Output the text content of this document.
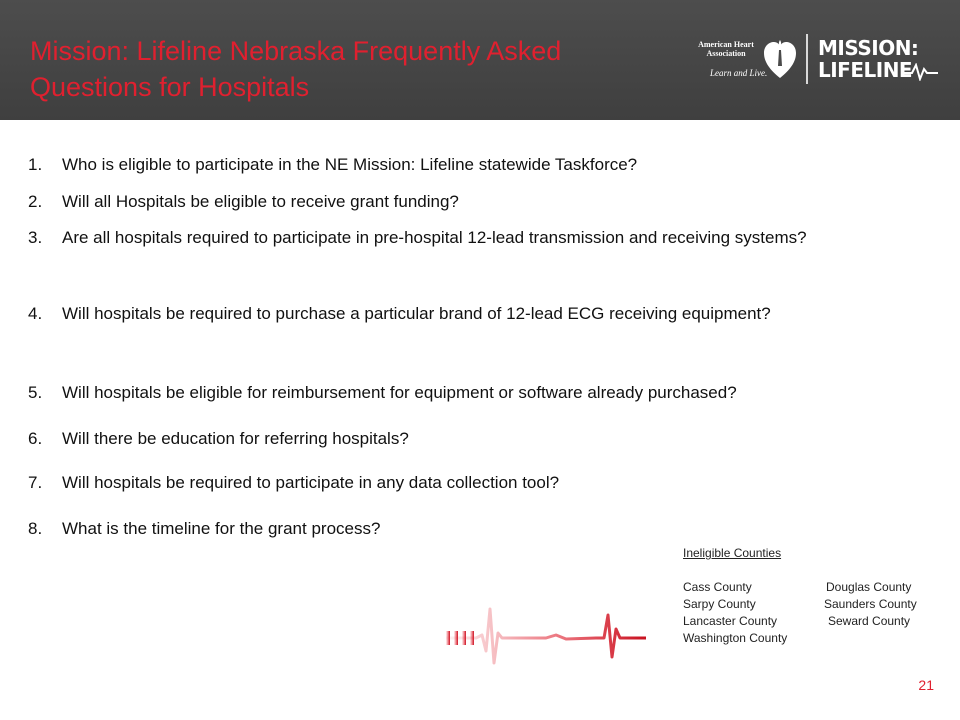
Mission: Lifeline Nebraska Frequently Asked Questions for Hospitals
American Heart
Association
Learn and Live.
MISSION:
LIFELINE
1.	Who is eligible to participate in the NE Mission: Lifeline statewide Taskforce?
2.	Will all Hospitals be eligible to receive grant funding?
3.	Are all hospitals required to participate in pre-hospital 12-lead transmission and receiving systems?
4.	Will hospitals be required to purchase a particular brand of 12-lead ECG receiving equipment?
5.	Will hospitals be eligible for reimbursement for equipment or software already purchased?
6.	Will there be education for referring hospitals?
7.	Will hospitals be required to participate in any data collection tool?
8.	What is the timeline for the grant process?
Ineligible Counties
Cass County	Douglas County
Sarpy County	Saunders County
Lancaster County	Seward County
Washington County
21
